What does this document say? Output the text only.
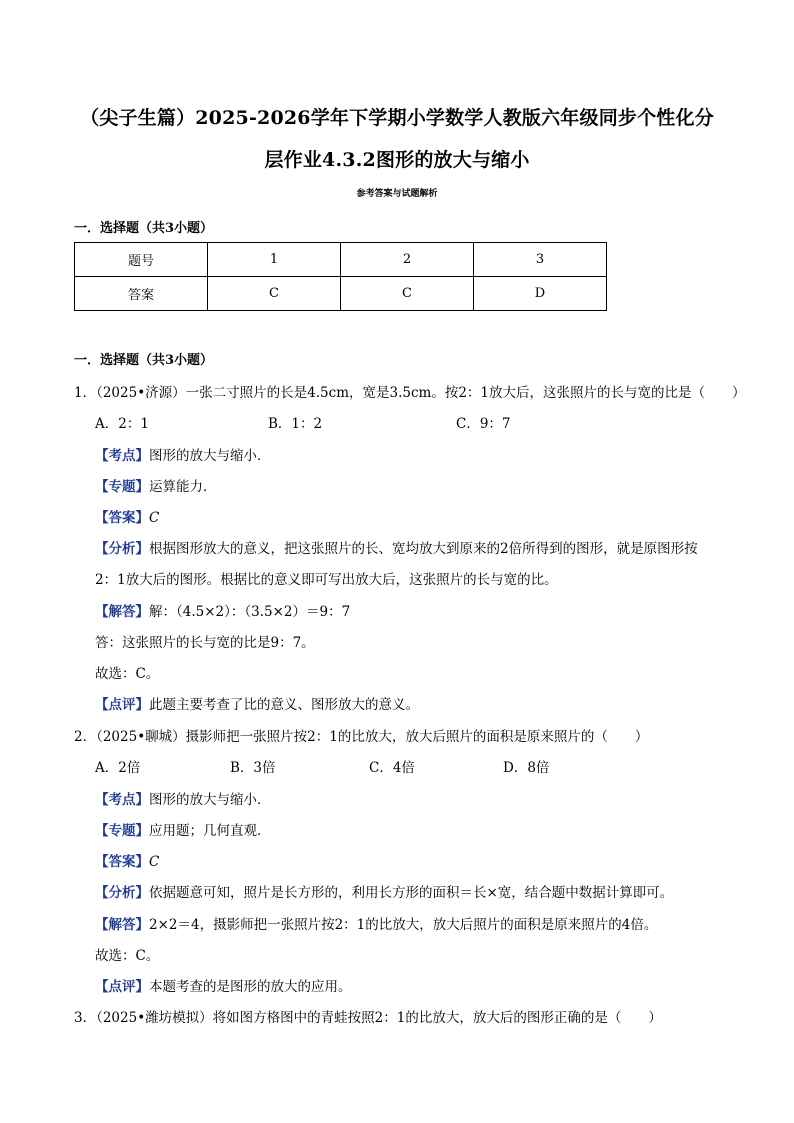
（尖子生篇）2025-2026学年下学期小学数学人教版六年级同步个性化分
层作业4.3.2图形的放大与缩小
参考答案与试题解析
一．选择题（共3小题）
题号	1	2	3
答案	C	C	D
一．选择题（共3小题）
1．（2025•济源）一张二寸照片的长是4.5cm，宽是3.5cm。按2：1放大后，这张照片的长与宽的比是（　　）
A．2：1	B．1：2	C．9：7
【考点】图形的放大与缩小．
【专题】运算能力．
【答案】C
【分析】根据图形放大的意义，把这张照片的长、宽均放大到原来的2倍所得到的图形，就是原图形按
2：1放大后的图形。根据比的意义即可写出放大后，这张照片的长与宽的比。
【解答】解：（4.5×2）：（3.5×2）＝9：7
答：这张照片的长与宽的比是9：7。
故选：C。
【点评】此题主要考查了比的意义、图形放大的意义。
2．（2025•聊城）摄影师把一张照片按2：1的比放大，放大后照片的面积是原来照片的（　　）
A．2倍	B．3倍	C．4倍	D．8倍
【考点】图形的放大与缩小．
【专题】应用题；几何直观．
【答案】C
【分析】依据题意可知，照片是长方形的，利用长方形的面积＝长×宽，结合题中数据计算即可。
【解答】2×2＝4，摄影师把一张照片按2：1的比放大，放大后照片的面积是原来照片的4倍。
故选：C。
【点评】本题考查的是图形的放大的应用。
3．（2025•潍坊模拟）将如图方格图中的青蛙按照2：1的比放大，放大后的图形正确的是（　　）
